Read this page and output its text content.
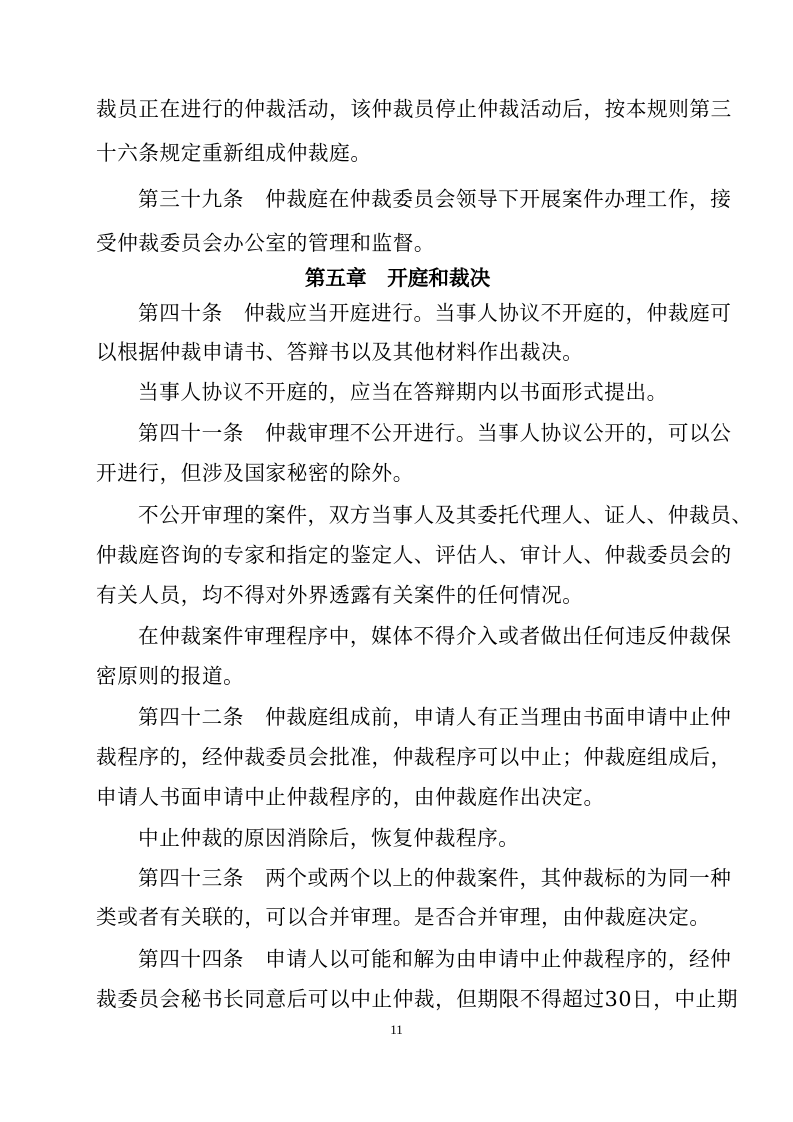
裁员正在进行的仲裁活动，该仲裁员停止仲裁活动后，按本规则第三
十六条规定重新组成仲裁庭。
第三十九条　仲裁庭在仲裁委员会领导下开展案件办理工作，接
受仲裁委员会办公室的管理和监督。
第五章　开庭和裁决
第四十条　仲裁应当开庭进行。当事人协议不开庭的，仲裁庭可
以根据仲裁申请书、答辩书以及其他材料作出裁决。
当事人协议不开庭的，应当在答辩期内以书面形式提出。
第四十一条　仲裁审理不公开进行。当事人协议公开的，可以公
开进行，但涉及国家秘密的除外。
不公开审理的案件，双方当事人及其委托代理人、证人、仲裁员、
仲裁庭咨询的专家和指定的鉴定人、评估人、审计人、仲裁委员会的
有关人员，均不得对外界透露有关案件的任何情况。
在仲裁案件审理程序中，媒体不得介入或者做出任何违反仲裁保
密原则的报道。
第四十二条　仲裁庭组成前，申请人有正当理由书面申请中止仲
裁程序的，经仲裁委员会批准，仲裁程序可以中止；仲裁庭组成后，
申请人书面申请中止仲裁程序的，由仲裁庭作出决定。
中止仲裁的原因消除后，恢复仲裁程序。
第四十三条　两个或两个以上的仲裁案件，其仲裁标的为同一种
类或者有关联的，可以合并审理。是否合并审理，由仲裁庭决定。
第四十四条　申请人以可能和解为由申请中止仲裁程序的，经仲
裁委员会秘书长同意后可以中止仲裁，但期限不得超过30日，中止期
11
